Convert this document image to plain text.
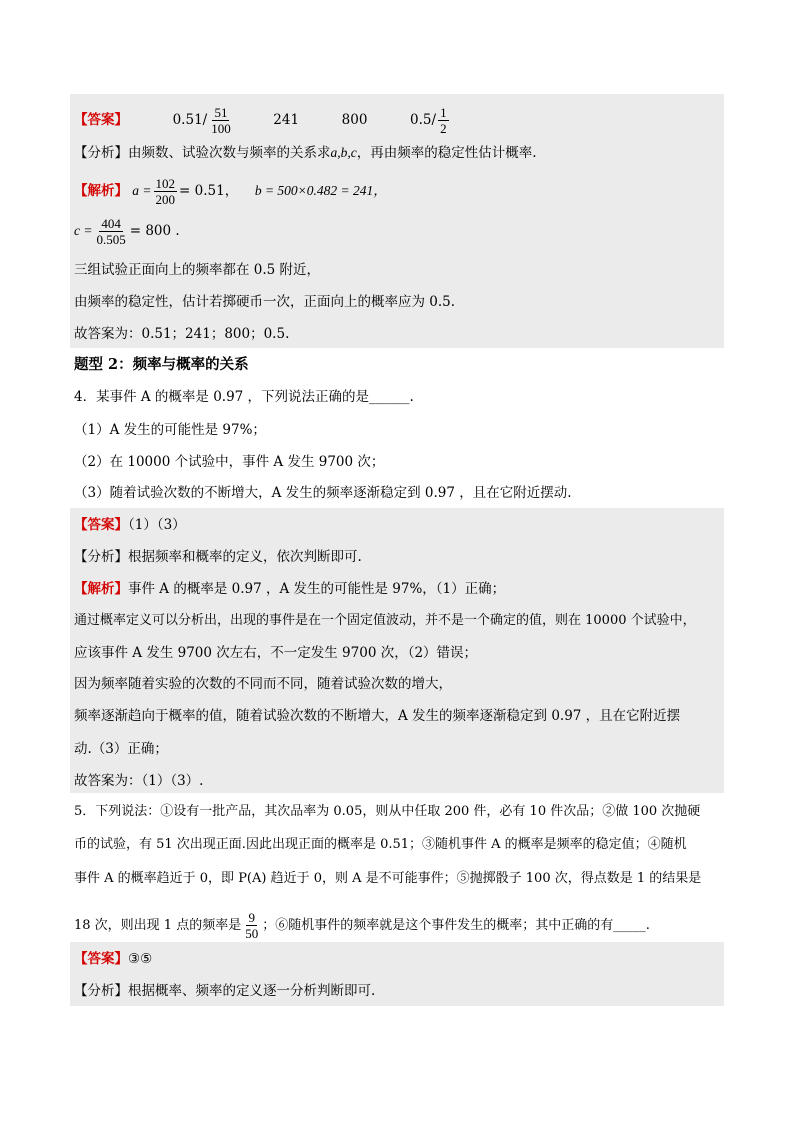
【答案】	$0.51/ \frac{51}{100}$	241	800	$0.5/ \frac{1}{2}$
【分析】由频数、试验次数与频率的关系求a,b,c，再由频率的稳定性估计概率.
【解析】 $a = \frac{102}{200} = 0.51$， b = 500×0.482 = 241，
$c = \frac{404}{0.505} = 800$ .
三组试验正面向上的频率都在 0.5 附近，
由频率的稳定性，估计若掷硬币一次，正面向上的概率应为 0.5.
故答案为：0.51；241；800；0.5.
题型 2：频率与概率的关系
4．某事件 A 的概率是 0.97 ，下列说法正确的是______.
（1）A 发生的可能性是 97%；
（2）在 10000 个试验中，事件 A 发生 9700 次；
（3）随着试验次数的不断增大，A 发生的频率逐渐稳定到 0.97 ，且在它附近摆动.
【答案】（1）（3）
【分析】根据频率和概率的定义，依次判断即可.
【解析】事件 A 的概率是 0.97 ，A 发生的可能性是 97%，（1）正确；
通过概率定义可以分析出，出现的事件是在一个固定值波动，并不是一个确定的值，则在 10000 个试验中，
应该事件 A 发生 9700 次左右，不一定发生 9700 次，（2）错误；
因为频率随着实验的次数的不同而不同，随着试验次数的增大，
频率逐渐趋向于概率的值，随着试验次数的不断增大，A 发生的频率逐渐稳定到 0.97 ，且在它附近摆
动.（3）正确；
故答案为：（1）（3）.
5．下列说法：①设有一批产品，其次品率为 0.05，则从中任取 200 件，必有 10 件次品；②做 100 次抛硬
币的试验，有 51 次出现正面.因此出现正面的概率是 0.51；③随机事件 A 的概率是频率的稳定值；④随机
事件 A 的概率趋近于 0，即 P(A) 趋近于 0，则 A 是不可能事件；⑤抛掷骰子 100 次，得点数是 1 的结果是
18 次，则出现 1 点的频率是 $\frac{9}{50}$ ；⑥随机事件的频率就是这个事件发生的概率；其中正确的有_____.
【答案】③⑤
【分析】根据概率、频率的定义逐一分析判断即可.
